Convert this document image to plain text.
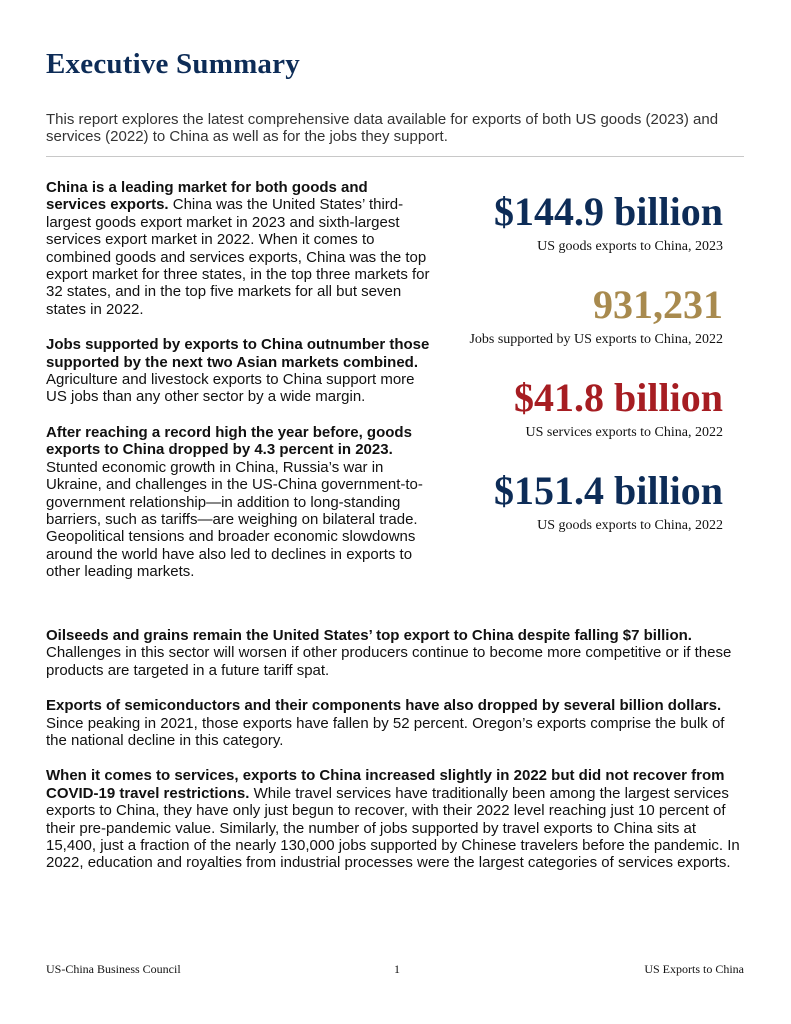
Executive Summary

This report explores the latest comprehensive data available for exports of both US goods (2023) and services (2022) to China as well as for the jobs they support.

China is a leading market for both goods and services exports. China was the United States’ third-largest goods export market in 2023 and sixth-largest services export market in 2022. When it comes to combined goods and services exports, China was the top export market for three states, in the top three markets for 32 states, and in the top five markets for all but seven states in 2022.

Jobs supported by exports to China outnumber those supported by the next two Asian markets combined. Agriculture and livestock exports to China support more US jobs than any other sector by a wide margin.

After reaching a record high the year before, goods exports to China dropped by 4.3 percent in 2023. Stunted economic growth in China, Russia’s war in Ukraine, and challenges in the US-China government-to-government relationship—in addition to long-standing barriers, such as tariffs—are weighing on bilateral trade. Geopolitical tensions and broader economic slowdowns around the world have also led to declines in exports to other leading markets.

$144.9 billion
US goods exports to China, 2023
931,231
Jobs supported by US exports to China, 2022
$41.8 billion
US services exports to China, 2022
$151.4 billion
US goods exports to China, 2022

Oilseeds and grains remain the United States’ top export to China despite falling $7 billion. Challenges in this sector will worsen if other producers continue to become more competitive or if these products are targeted in a future tariff spat.

Exports of semiconductors and their components have also dropped by several billion dollars. Since peaking in 2021, those exports have fallen by 52 percent. Oregon’s exports comprise the bulk of the national decline in this category.

When it comes to services, exports to China increased slightly in 2022 but did not recover from COVID-19 travel restrictions. While travel services have traditionally been among the largest services exports to China, they have only just begun to recover, with their 2022 level reaching just 10 percent of their pre-pandemic value. Similarly, the number of jobs supported by travel exports to China sits at 15,400, just a fraction of the nearly 130,000 jobs supported by Chinese travelers before the pandemic. In 2022, education and royalties from industrial processes were the largest categories of services exports.

US-China Business Council	1	US Exports to China
